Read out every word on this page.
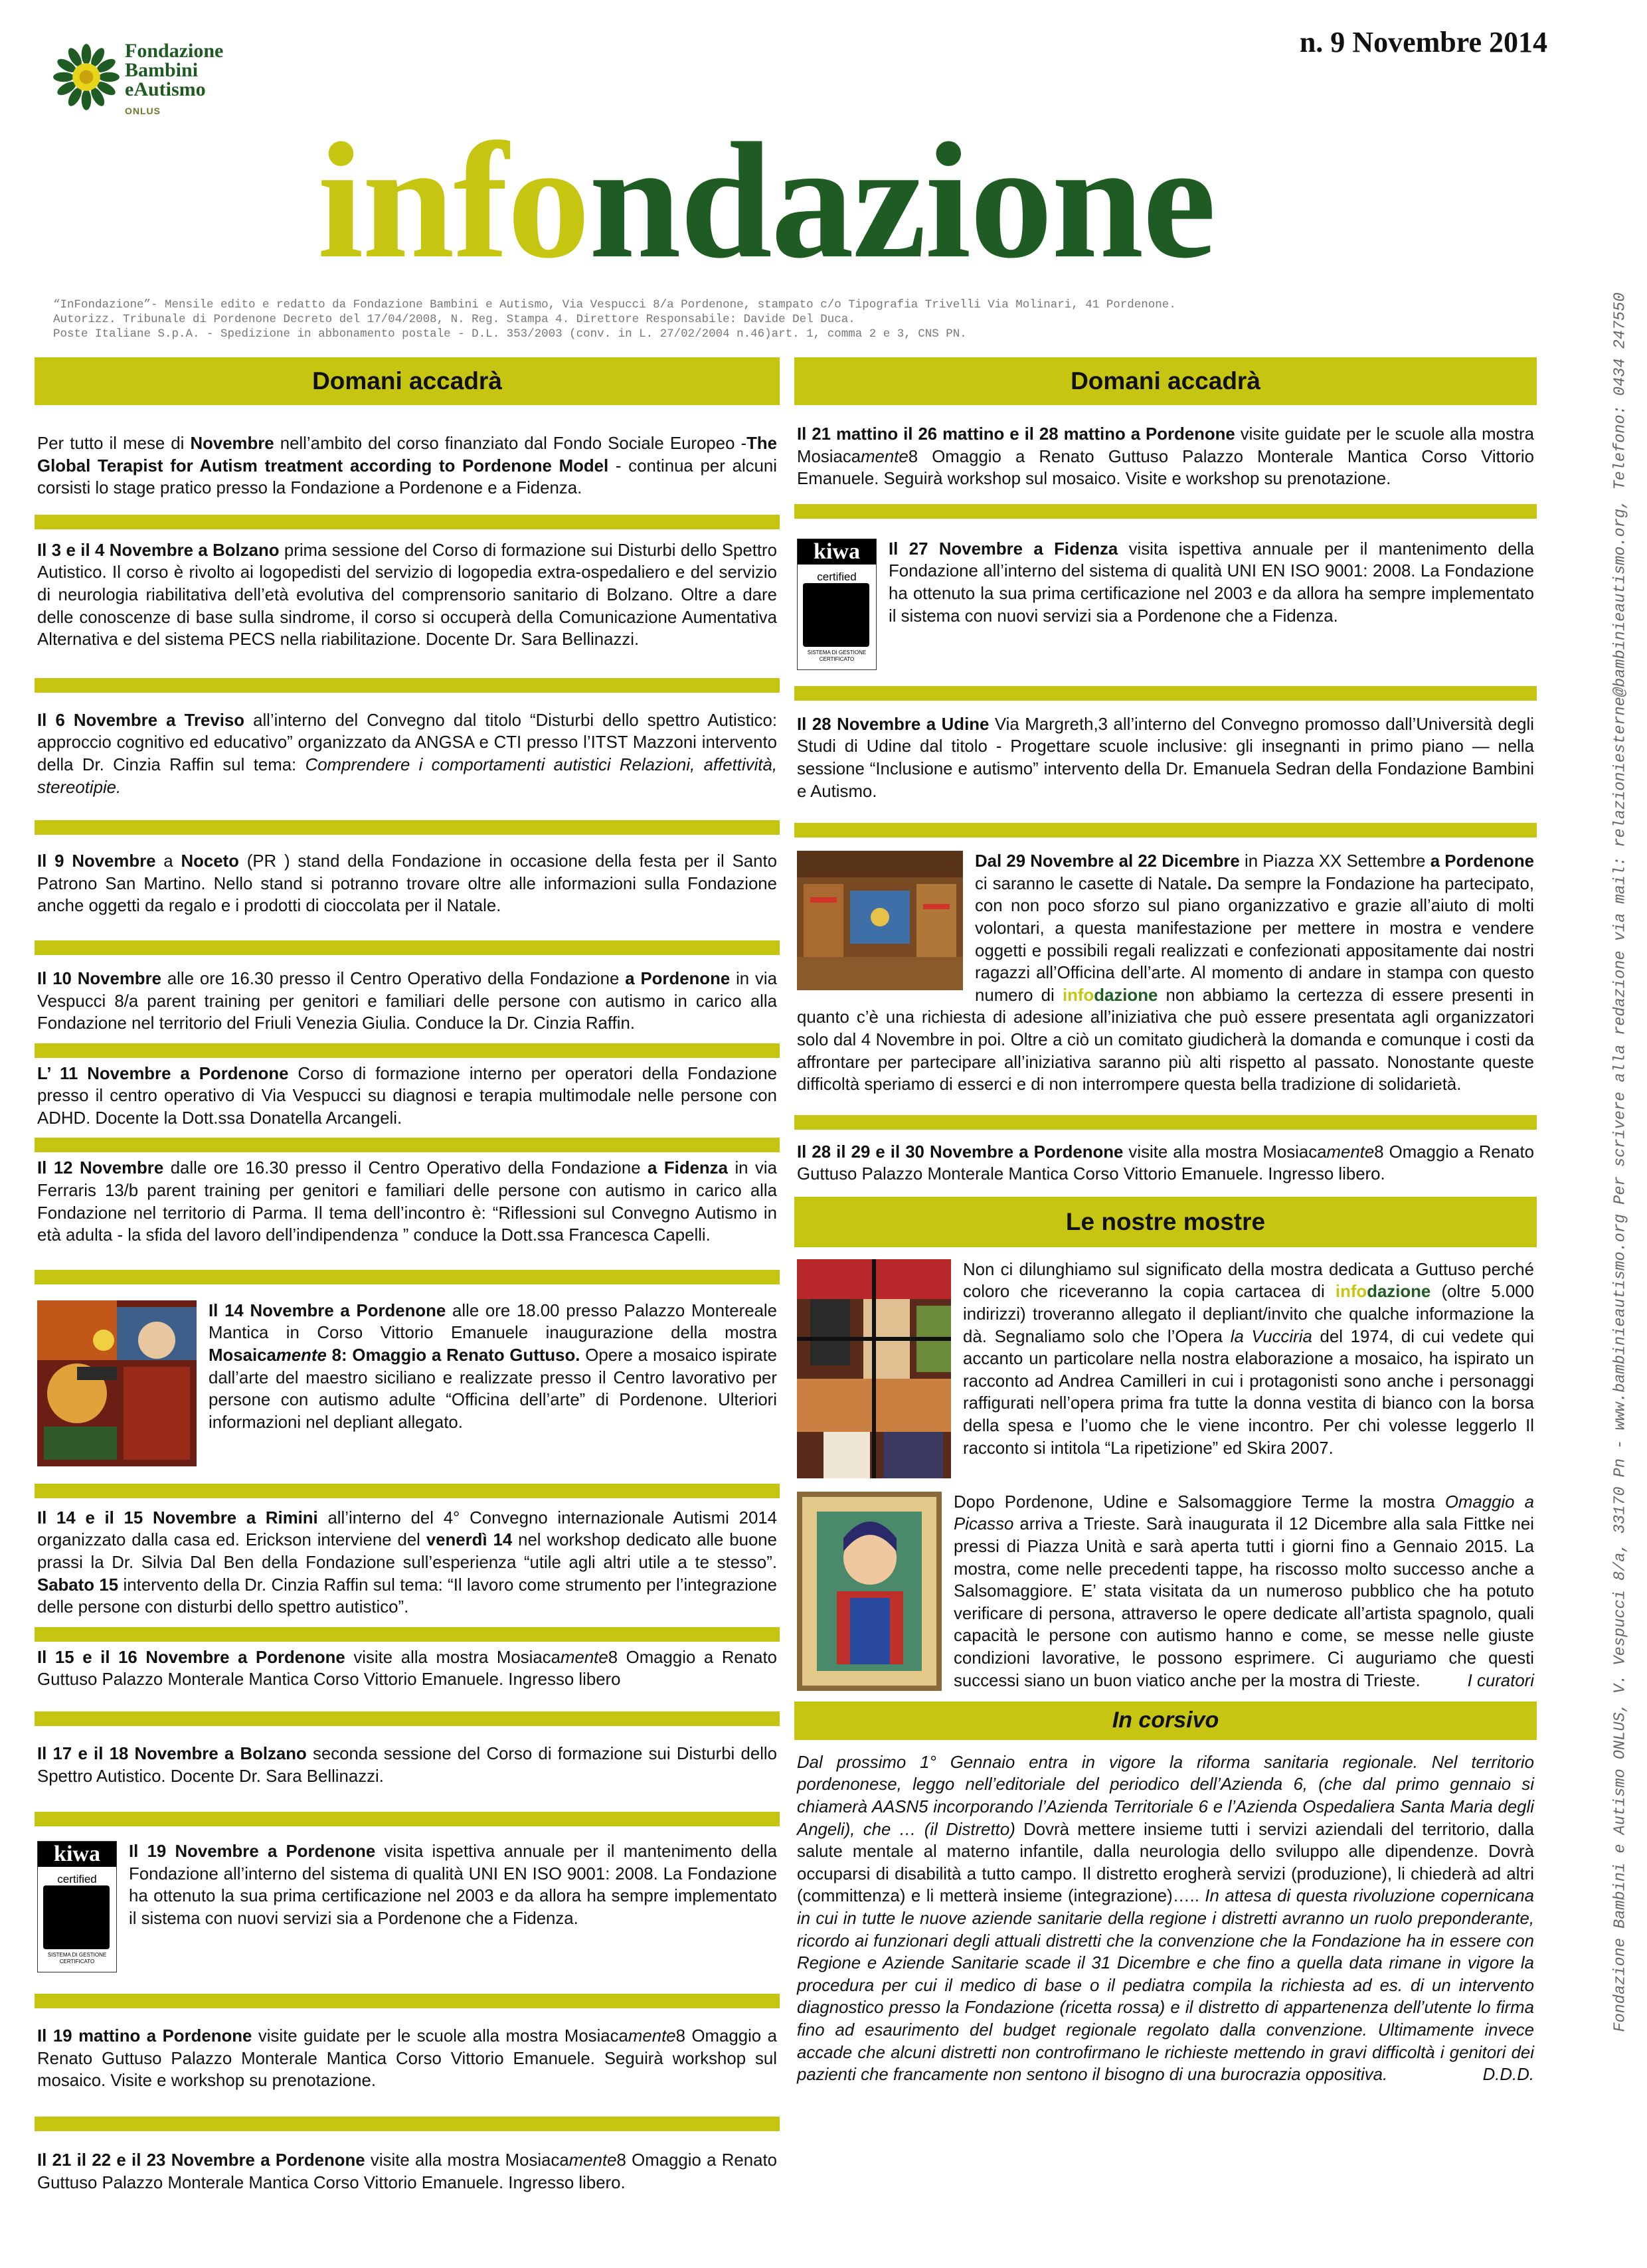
Fondazione
Bambini
eAutismo
ONLUS
n. 9 Novembre 2014
infondazione
“InFondazione”- Mensile edito e redatto da Fondazione Bambini e Autismo, Via Vespucci 8/a Pordenone, stampato c/o Tipografia Trivelli Via Molinari, 41 Pordenone.
Autorizz. Tribunale di Pordenone Decreto del 17/04/2008, N. Reg. Stampa 4. Direttore Responsabile: Davide Del Duca.
Poste Italiane S.p.A. - Spedizione in abbonamento postale - D.L. 353/2003 (conv. in L. 27/02/2004 n.46)art. 1, comma 2 e 3, CNS PN.	Fondazione Bambini e Autismo ONLUS, V. Vespucci 8/a, 33170 Pn - www.bambinieautismo.org Per scrivere alla redazione via mail: relazioniesterne@bambinieautismo.org, Telefono: 0434 247550
Domani accadrà
Per tutto il mese di Novembre nell’ambito del corso finanziato dal Fondo Sociale Europeo -The Global Terapist for Autism treatment according to Pordenone Model - continua per alcuni corsisti lo stage pratico presso la Fondazione a Pordenone e a Fidenza.
Il 3 e il 4 Novembre a Bolzano prima sessione del Corso di formazione sui Disturbi dello Spettro Autistico. Il corso è rivolto ai logopedisti del servizio di logopedia extra-ospedaliero e del servizio di neurologia riabilitativa dell’età evolutiva del comprensorio sanitario di Bolzano. Oltre a dare delle conoscenze di base sulla sindrome, il corso si occuperà della Comunicazione Aumentativa Alternativa e del sistema PECS nella riabilitazione. Docente Dr. Sara Bellinazzi.
Il 6 Novembre a Treviso all’interno del Convegno dal titolo “Disturbi dello spettro Autistico: approccio cognitivo ed educativo” organizzato da ANGSA e CTI presso l’ITST Mazzoni intervento della Dr. Cinzia Raffin sul tema: Comprendere i comportamenti autistici Relazioni, affettività, stereotipie.
Il 9 Novembre a Noceto (PR ) stand della Fondazione in occasione della festa per il Santo Patrono San Martino. Nello stand si potranno trovare oltre alle informazioni sulla Fondazione anche oggetti da regalo e i prodotti di cioccolata per il Natale.
Il 10 Novembre alle ore 16.30 presso il Centro Operativo della Fondazione a Pordenone in via Vespucci 8/a parent training per genitori e familiari delle persone con autismo in carico alla Fondazione nel territorio del Friuli Venezia Giulia. Conduce la Dr. Cinzia Raffin.
L’ 11 Novembre a Pordenone Corso di formazione interno per operatori della Fondazione presso il centro operativo di Via Vespucci su diagnosi e terapia multimodale nelle persone con ADHD. Docente la Dott.ssa Donatella Arcangeli.
Il 12 Novembre dalle ore 16.30 presso il Centro Operativo della Fondazione a Fidenza in via Ferraris 13/b parent training per genitori e familiari delle persone con autismo in carico alla Fondazione nel territorio di Parma. Il tema dell’incontro è: “Riflessioni sul Convegno Autismo in età adulta - la sfida del lavoro dell’indipendenza ” conduce la Dott.ssa Francesca Capelli.
Il 14 Novembre a Pordenone alle ore 18.00 presso Palazzo Montereale Mantica in Corso Vittorio Emanuele inaugurazione della mostra Mosaicamente 8: Omaggio a Renato Guttuso. Opere a mosaico ispirate dall’arte del maestro siciliano e realizzate presso il Centro lavorativo per persone con autismo adulte “Officina dell’arte” di Pordenone. Ulteriori informazioni nel depliant allegato.
Il 14 e il 15 Novembre a Rimini all’interno del 4° Convegno internazionale Autismi 2014 organizzato dalla casa ed. Erickson interviene del venerdì 14 nel workshop dedicato alle buone prassi la Dr. Silvia Dal Ben della Fondazione sull’esperienza “utile agli altri utile a te stesso”. Sabato 15 intervento della Dr. Cinzia Raffin sul tema: “Il lavoro come strumento per l’integrazione delle persone con disturbi dello spettro autistico”.
Il 15 e il 16 Novembre a Pordenone visite alla mostra Mosiacamente8 Omaggio a Renato Guttuso Palazzo Monterale Mantica Corso Vittorio Emanuele. Ingresso libero
Il 17 e il 18 Novembre a Bolzano seconda sessione del Corso di formazione sui Disturbi dello Spettro Autistico. Docente Dr. Sara Bellinazzi.
kiwa
certified
SISTEMA DI GESTIONE CERTIFICATO
Il 19 Novembre a Pordenone visita ispettiva annuale per il mantenimento della Fondazione all’interno del sistema di qualità UNI EN ISO 9001: 2008. La Fondazione ha ottenuto la sua prima certificazione nel 2003 e da allora ha sempre implementato il sistema con nuovi servizi sia a Pordenone che a Fidenza.
Il 19 mattino a Pordenone visite guidate per le scuole alla mostra Mosiacamente8 Omaggio a Renato Guttuso Palazzo Monterale Mantica Corso Vittorio Emanuele. Seguirà workshop sul mosaico. Visite e workshop su prenotazione.
Il 21 il 22 e il 23 Novembre a Pordenone visite alla mostra Mosiacamente8 Omaggio a Renato Guttuso Palazzo Monterale Mantica Corso Vittorio Emanuele. Ingresso libero.
Domani accadrà
Il 21 mattino il 26 mattino e il 28 mattino a Pordenone visite guidate per le scuole alla mostra Mosiacamente8 Omaggio a Renato Guttuso Palazzo Monterale Mantica Corso Vittorio Emanuele. Seguirà workshop sul mosaico. Visite e workshop su prenotazione.
kiwa
certified
SISTEMA DI GESTIONE CERTIFICATO
Il 27 Novembre a Fidenza visita ispettiva annuale per il mantenimento della Fondazione all’interno del sistema di qualità UNI EN ISO 9001: 2008. La Fondazione ha ottenuto la sua prima certificazione nel 2003 e da allora ha sempre implementato il sistema con nuovi servizi sia a Pordenone che a Fidenza.
Il 28 Novembre a Udine Via Margreth,3 all’interno del Convegno promosso dall’Università degli Studi di Udine dal titolo - Progettare scuole inclusive: gli insegnanti in primo piano — nella sessione “Inclusione e autismo” intervento della Dr. Emanuela Sedran della Fondazione Bambini e Autismo.
Dal 29 Novembre al 22 Dicembre in Piazza XX Settembre a Pordenone ci saranno le casette di Natale. Da sempre la Fondazione ha partecipato, con non poco sforzo sul piano organizzativo e grazie all’aiuto di molti volontari, a questa manifestazione per mettere in mostra e vendere oggetti e possibili regali realizzati e confezionati appositamente dai nostri ragazzi all’Officina dell’arte. Al momento di andare in stampa con questo numero di infodazione non abbiamo la certezza di essere presenti in quanto c’è una richiesta di adesione all’iniziativa che può essere presentata agli organizzatori solo dal 4 Novembre in poi. Oltre a ciò un comitato giudicherà la domanda e comunque i costi da affrontare per partecipare all’iniziativa saranno più alti rispetto al passato. Nonostante queste difficoltà speriamo di esserci e di non interrompere questa bella tradizione di solidarietà.
Il 28 il 29 e il 30 Novembre a Pordenone visite alla mostra Mosiacamente8 Omaggio a Renato Guttuso Palazzo Monterale Mantica Corso Vittorio Emanuele. Ingresso libero.
Le nostre mostre
Non ci dilunghiamo sul significato della mostra dedicata a Guttuso perché coloro che riceveranno la copia cartacea di infodazione (oltre 5.000 indirizzi) troveranno allegato il depliant/invito che qualche informazione la dà. Segnaliamo solo che l’Opera la Vucciria del 1974, di cui vedete qui accanto un particolare nella nostra elaborazione a mosaico, ha ispirato un racconto ad Andrea Camilleri in cui i protagonisti sono anche i personaggi raffigurati nell’opera prima fra tutte la donna vestita di bianco con la borsa della spesa e l’uomo che le viene incontro. Per chi volesse leggerlo Il racconto si intitola “La ripetizione” ed Skira 2007.
Dopo Pordenone, Udine e Salsomaggiore Terme la mostra Omaggio a Picasso arriva a Trieste. Sarà inaugurata il 12 Dicembre alla sala Fittke nei pressi di Piazza Unità e sarà aperta tutti i giorni fino a Gennaio 2015. La mostra, come nelle precedenti tappe, ha riscosso molto successo anche a Salsomaggiore. E’ stata visitata da un numeroso pubblico che ha potuto verificare di persona, attraverso le opere dedicate all’artista spagnolo, quali capacità le persone con autismo hanno e come, se messe nelle giuste condizioni lavorative, le possono esprimere. Ci auguriamo che questi successi siano un buon viatico anche per la mostra di Trieste.	I curatori
In corsivo
Dal prossimo 1° Gennaio entra in vigore la riforma sanitaria regionale. Nel territorio pordenonese, leggo nell’editoriale del periodico dell’Azienda 6, (che dal primo gennaio si chiamerà AASN5 incorporando l’Azienda Territoriale 6 e l’Azienda Ospedaliera Santa Maria degli Angeli), che … (il Distretto) Dovrà mettere insieme tutti i servizi aziendali del territorio, dalla salute mentale al materno infantile, dalla neurologia dello sviluppo alle dipendenze. Dovrà occuparsi di disabilità a tutto campo. Il distretto erogherà servizi (produzione), li chiederà ad altri (committenza) e li metterà insieme (integrazione)….. In attesa di questa rivoluzione copernicana in cui in tutte le nuove aziende sanitarie della regione i distretti avranno un ruolo preponderante, ricordo ai funzionari degli attuali distretti che la convenzione che la Fondazione ha in essere con Regione e Aziende Sanitarie scade il 31 Dicembre e che fino a quella data rimane in vigore la procedura per cui il medico di base o il pediatra compila la richiesta ad es. di un intervento diagnostico presso la Fondazione (ricetta rossa) e il distretto di appartenenza dell’utente lo firma fino ad esaurimento del budget regionale regolato dalla convenzione. Ultimamente invece accade che alcuni distretti non controfirmano le richieste mettendo in gravi difficoltà i genitori dei pazienti che francamente non sentono il bisogno di una burocrazia oppositiva.	D.D.D.
